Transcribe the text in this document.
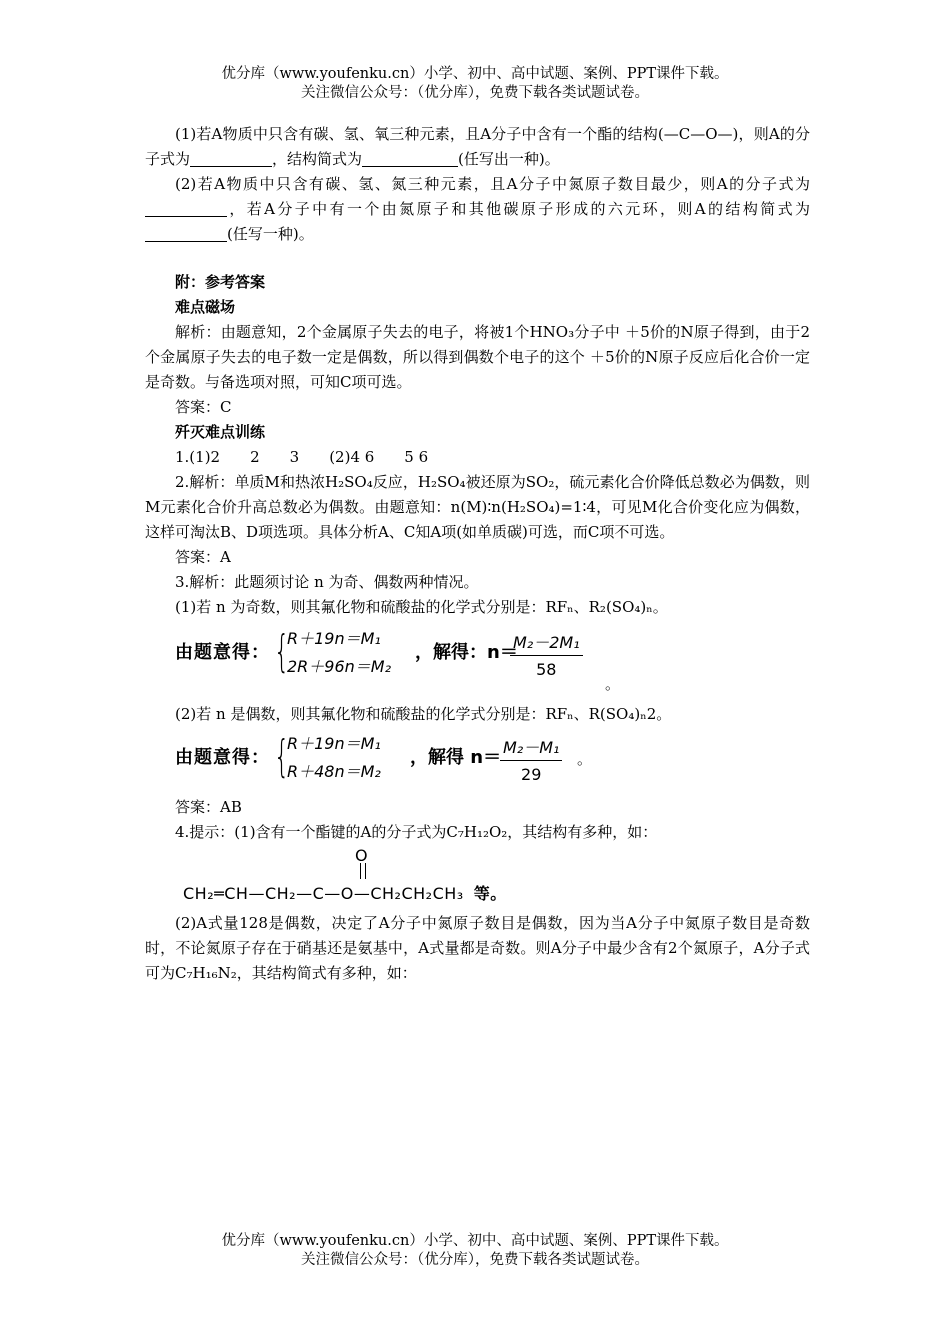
优分库（www.youfenku.cn）小学、初中、高中试题、案例、PPT课件下载。
关注微信公众号：（优分库），免费下载各类试题试卷。

(1)若A物质中只含有碳、氢、氧三种元素，且A分子中含有一个酯的结构(—C—O—)，则A的分子式为	，结构简式为	(任写出一种)。

(2)若A物质中只含有碳、氢、氮三种元素，且A分子中氮原子数目最少，则A的分子式为，若A分子中有一个由氮原子和其他碳原子形成的六元环，则A的结构简式为(任写一种)。

附：参考答案

难点磁场

解析：由题意知，2个金属原子失去的电子，将被1个HNO₃分子中 ＋5价的N原子得到，由于2个金属原子失去的电子数一定是偶数，所以得到偶数个电子的这个 ＋5价的N原子反应后化合价一定是奇数。与备选项对照，可知C项可选。

答案：C

歼灭难点训练

1.(1)2　　2　　3　　(2)4 6　　5 6

2.解析：单质M和热浓H₂SO₄反应，H₂SO₄被还原为SO₂，硫元素化合价降低总数必为偶数，则M元素化合价升高总数必为偶数。由题意知：n(M)∶n(H₂SO₄)=1∶4，可见M化合价变化应为偶数，这样可淘汰B、D项选项。具体分析A、C知A项(如单质碳)可选，而C项不可选。

答案：A

3.解析：此题须讨论 n 为奇、偶数两种情况。

(1)若 n 为奇数，则其氟化物和硫酸盐的化学式分别是：RFₙ、R₂(SO₄)ₙ。

由题意得： {
R＋19n＝M₁
2R＋96n＝M₂
，解得：n＝
$\frac{\text{M₂－2M₁}}{58}$
。

(2)若 n 是偶数，则其氟化物和硫酸盐的化学式分别是：RFₙ、R(SO₄)ₙ2。

由题意得： {
R＋19n＝M₁
R＋48n＝M₂
，解得 n＝
$\frac{\text{M₂－M₁}}{29}$ 。

答案：AB

4.提示：(1)含有一个酯键的A的分子式为C₇H₁₂O₂，其结构有多种，如：

O
CH₂═CH—CH₂—C—O—CH₂CH₂CH₃ 等。

(2)A式量128是偶数，决定了A分子中氮原子数目是偶数，因为当A分子中氮原子数目是奇数时，不论氮原子存在于硝基还是氨基中，A式量都是奇数。则A分子中最少含有2个氮原子，A分子式可为C₇H₁₆N₂，其结构简式有多种，如：

优分库（www.youfenku.cn）小学、初中、高中试题、案例、PPT课件下载。
关注微信公众号：（优分库），免费下载各类试题试卷。
